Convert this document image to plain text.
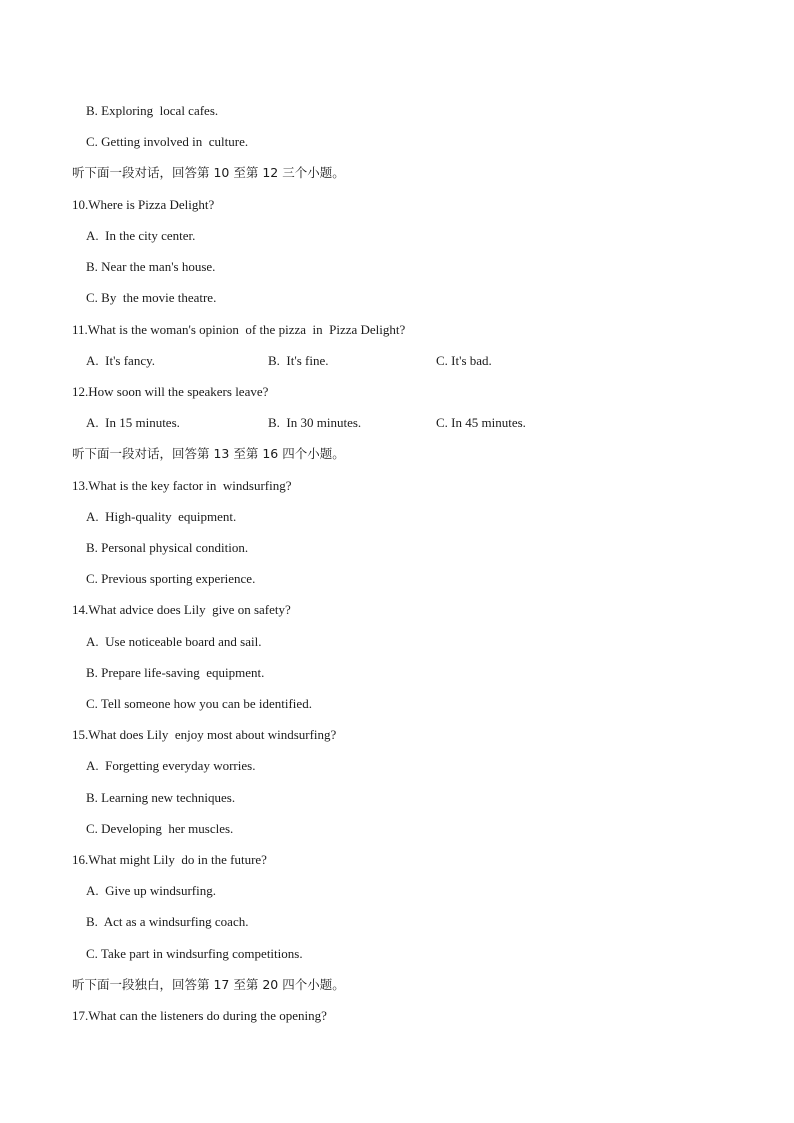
B. Exploring  local cafes.
C. Getting involved in  culture.
听下面一段对话，回答第 10 至第 12 三个小题。
10.Where is Pizza Delight?
A.  In the city center.
B. Near the man's house.
C. By  the movie theatre.
11.What is the woman's opinion  of the pizza  in  Pizza Delight?
A.  It's fancy.	B.  It's fine.	C. It's bad.
12.How soon will the speakers leave?
A.  In 15 minutes.	B.  In 30 minutes.	C. In 45 minutes.
听下面一段对话，回答第 13 至第 16 四个小题。
13.What is the key factor in  windsurfing?
A.  High-quality  equipment.
B. Personal physical condition.
C. Previous sporting experience.
14.What advice does Lily  give on safety?
A.  Use noticeable board and sail.
B. Prepare life-saving  equipment.
C. Tell someone how you can be identified.
15.What does Lily  enjoy most about windsurfing?
A.  Forgetting everyday worries.
B. Learning new techniques.
C. Developing  her muscles.
16.What might Lily  do in the future?
A.  Give up windsurfing.
B.  Act as a windsurfing coach.
C. Take part in windsurfing competitions.
听下面一段独白，回答第 17 至第 20 四个小题。
17.What can the listeners do during the opening?
